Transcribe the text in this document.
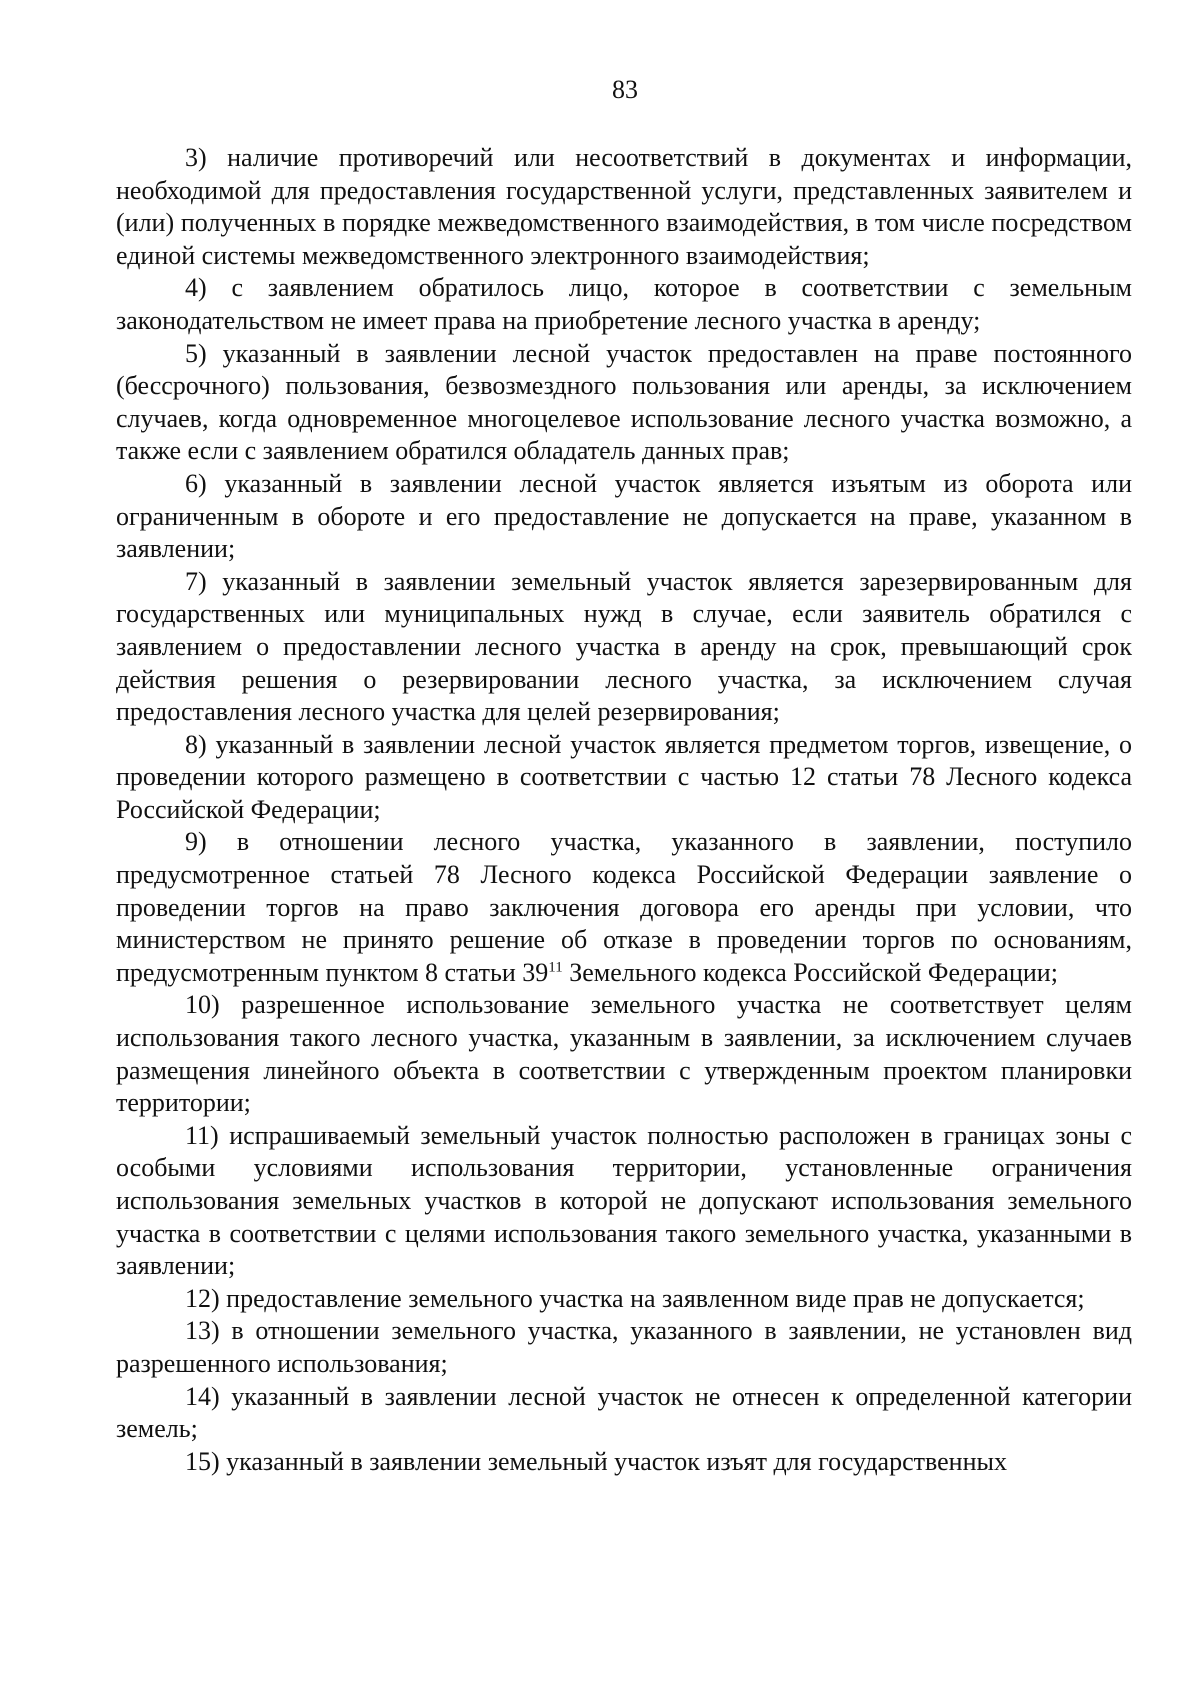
83

3) наличие противоречий или несоответствий в документах и информации, необходимой для предоставления государственной услуги, представленных заявителем и (или) полученных в порядке межведомственного взаимодействия, в том числе посредством единой системы межведомственного электронного взаимодействия;

4) с заявлением обратилось лицо, которое в соответствии с земельным законодательством не имеет права на приобретение лесного участка в аренду;

5) указанный в заявлении лесной участок предоставлен на праве постоянного (бессрочного) пользования, безвозмездного пользования или аренды, за исключением случаев, когда одновременное многоцелевое использование лесного участка возможно, а также если с заявлением обратился обладатель данных прав;

6) указанный в заявлении лесной участок является изъятым из оборота или ограниченным в обороте и его предоставление не допускается на праве, указанном в заявлении;

7) указанный в заявлении земельный участок является зарезервированным для государственных или муниципальных нужд в случае, если заявитель обратился с заявлением о предоставлении лесного участка в аренду на срок, превышающий срок действия решения о резервировании лесного участка, за исключением случая предоставления лесного участка для целей резервирования;

8) указанный в заявлении лесной участок является предметом торгов, извещение, о проведении которого размещено в соответствии с частью 12 статьи 78 Лесного кодекса Российской Федерации;

9) в отношении лесного участка, указанного в заявлении, поступило предусмотренное статьей 78 Лесного кодекса Российской Федерации заявление о проведении торгов на право заключения договора его аренды при условии, что министерством не принято решение об отказе в проведении торгов по основаниям, предусмотренным пунктом 8 статьи $39^{11}$ Земельного кодекса Российской Федерации;

10) разрешенное использование земельного участка не соответствует целям использования такого лесного участка, указанным в заявлении, за исключением случаев размещения линейного объекта в соответствии с утвержденным проектом планировки территории;

11) испрашиваемый земельный участок полностью расположен в границах зоны с особыми условиями использования территории, установленные ограничения использования земельных участков в которой не допускают использования земельного участка в соответствии с целями использования такого земельного участка, указанными в заявлении;

12) предоставление земельного участка на заявленном виде прав не допускается;

13) в отношении земельного участка, указанного в заявлении, не установлен вид разрешенного использования;

14) указанный в заявлении лесной участок не отнесен к определенной категории земель;

15) указанный в заявлении земельный участок изъят для государственных
